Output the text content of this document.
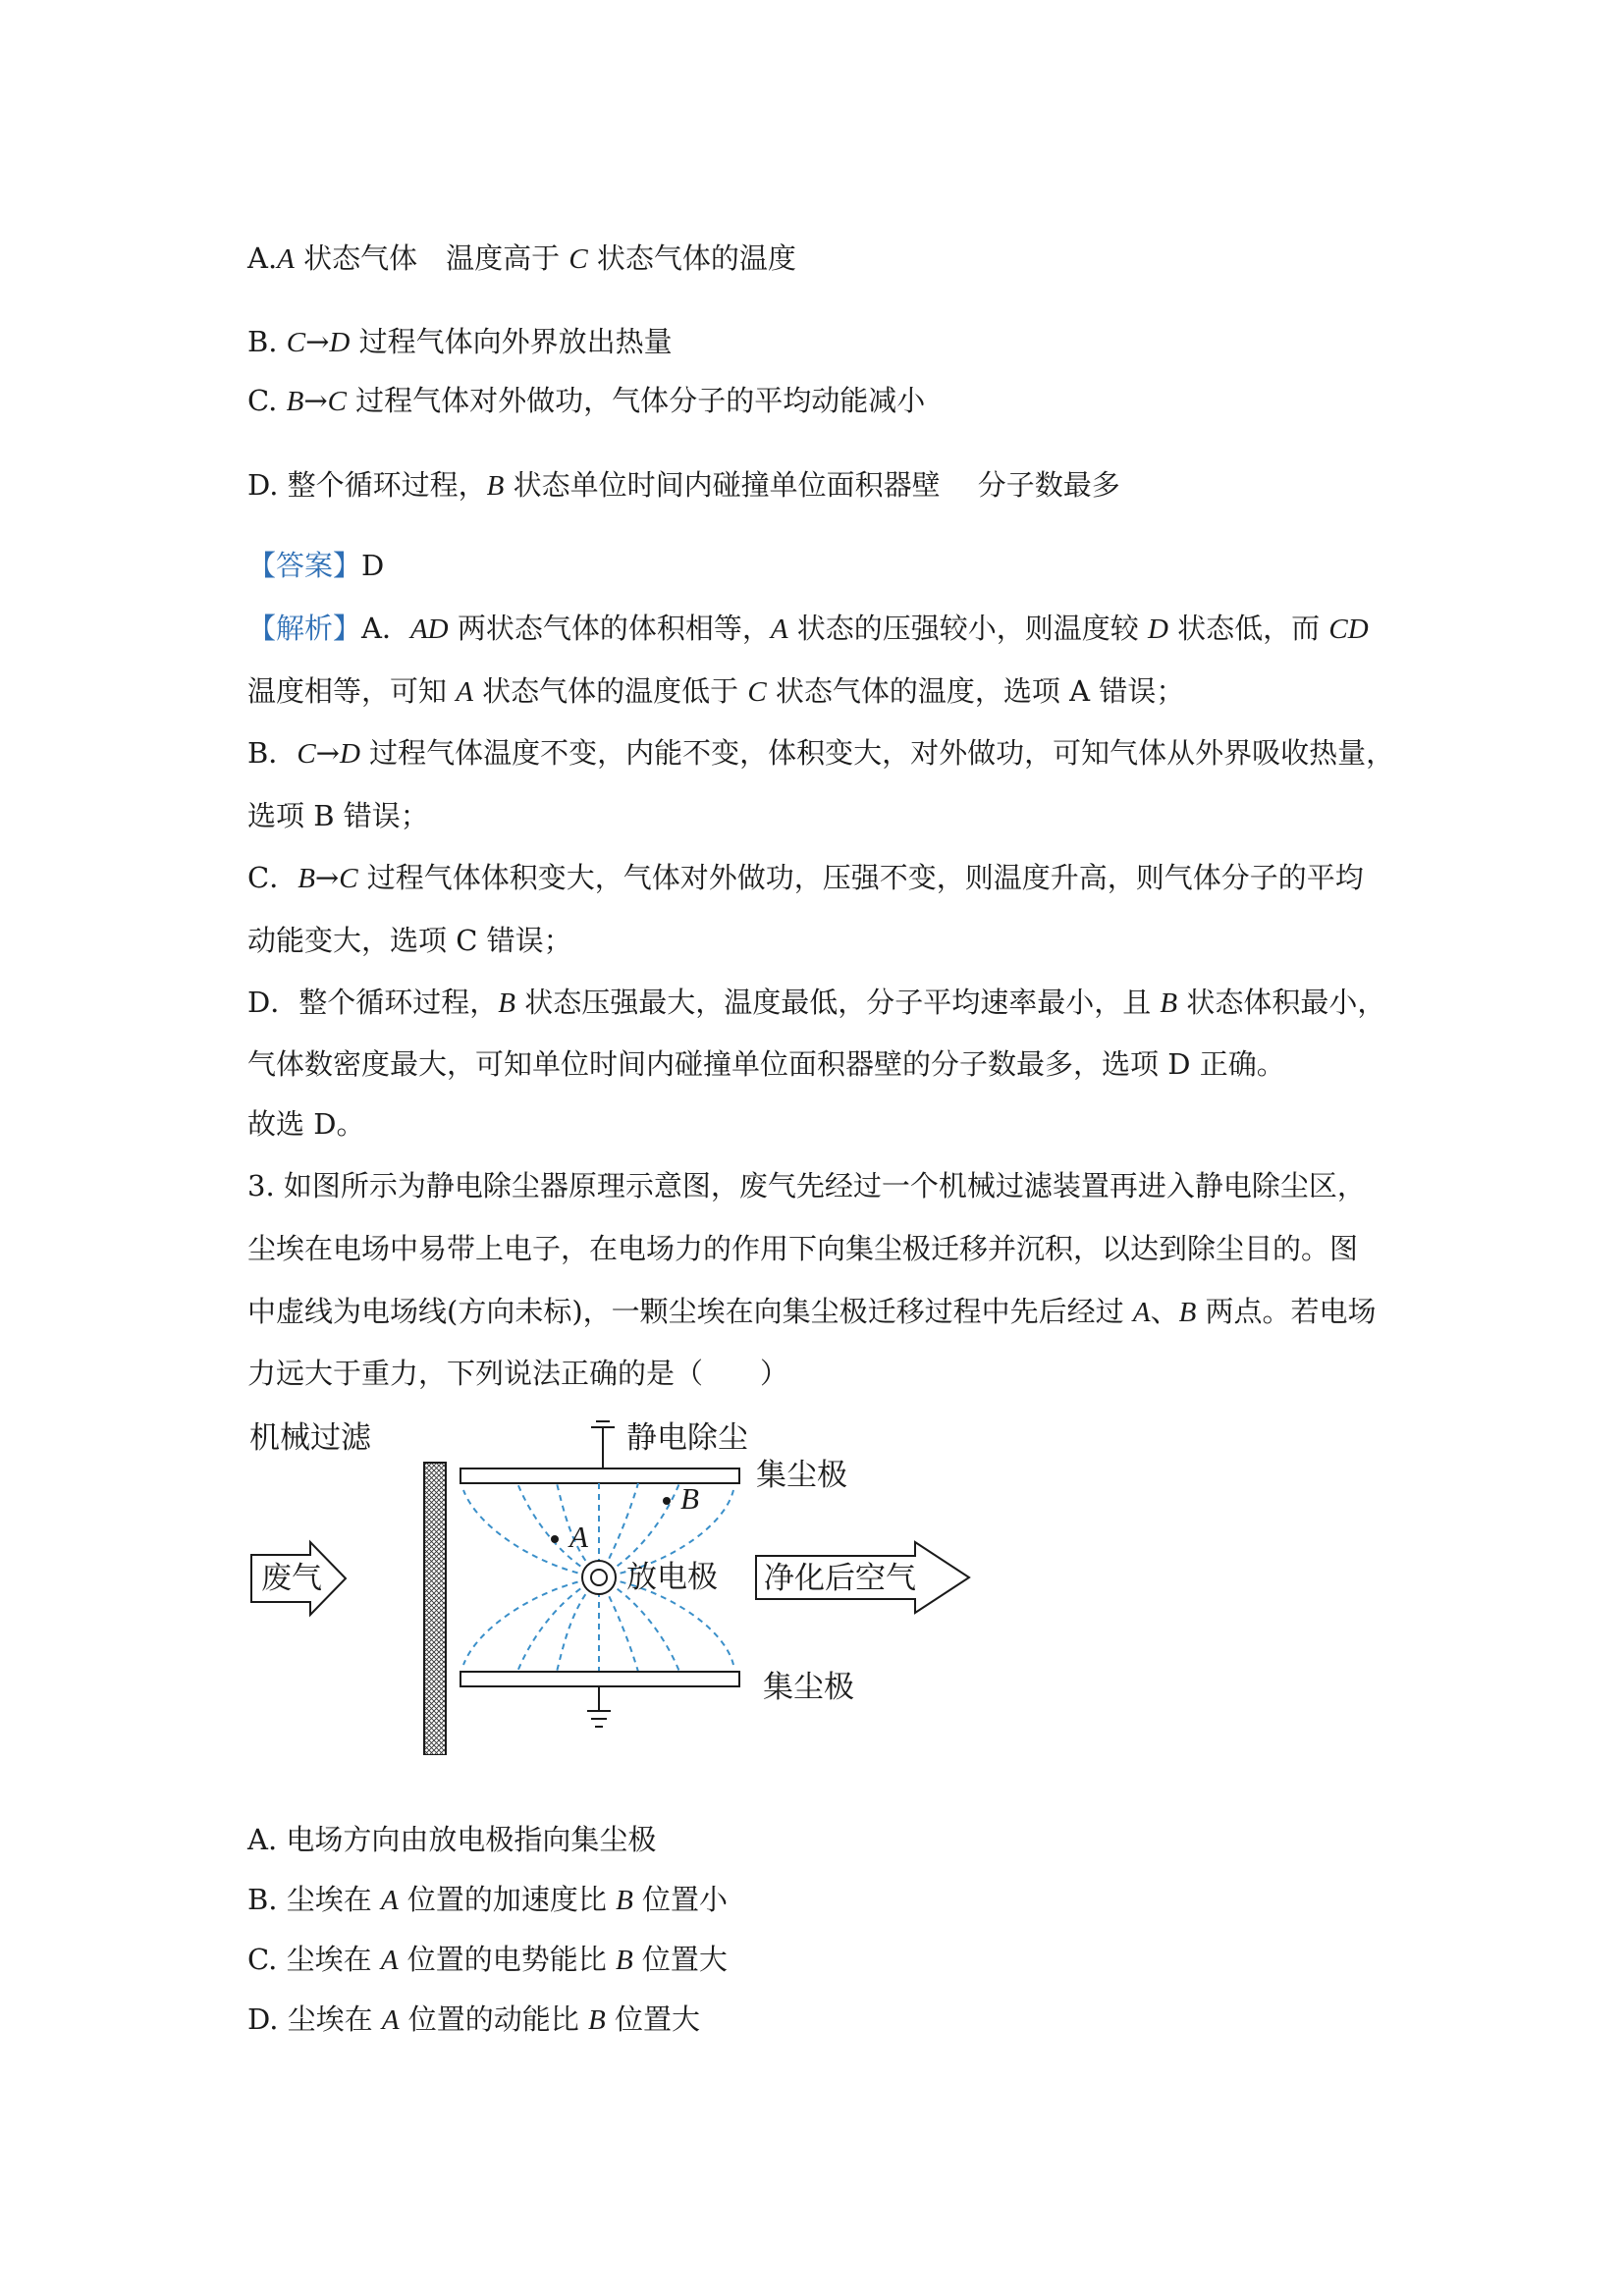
A.A 状态气体　温度高于 C 状态气体的温度
B. C→D 过程气体向外界放出热量
C. B→C 过程气体对外做功，气体分子的平均动能减小
D. 整个循环过程，B 状态单位时间内碰撞单位面积器壁　 分子数最多
【答案】D
【解析】A．AD 两状态气体的体积相等，A 状态的压强较小，则温度较 D 状态低，而 CD
温度相等，可知 A 状态气体的温度低于 C 状态气体的温度，选项 A 错误；
B．C→D 过程气体温度不变，内能不变，体积变大，对外做功，可知气体从外界吸收热量，
选项 B 错误；
C．B→C 过程气体体积变大，气体对外做功，压强不变，则温度升高，则气体分子的平均
动能变大，选项 C 错误；
D．整个循环过程，B 状态压强最大，温度最低，分子平均速率最小，且 B 状态体积最小，
气体数密度最大，可知单位时间内碰撞单位面积器壁的分子数最多，选项 D 正确。
故选 D。
3. 如图所示为静电除尘器原理示意图，废气先经过一个机械过滤装置再进入静电除尘区，
尘埃在电场中易带上电子，在电场力的作用下向集尘极迁移并沉积，以达到除尘目的。图
中虚线为电场线(方向未标)，一颗尘埃在向集尘极迁移过程中先后经过 A、B 两点。若电场
力远大于重力，下列说法正确的是（　　）
机械过滤	静电除尘
集尘极
放电极
A
B
废气	净化后空气
集尘极
A. 电场方向由放电极指向集尘极
B. 尘埃在 A 位置的加速度比 B 位置小
C. 尘埃在 A 位置的电势能比 B 位置大
D. 尘埃在 A 位置的动能比 B 位置大
